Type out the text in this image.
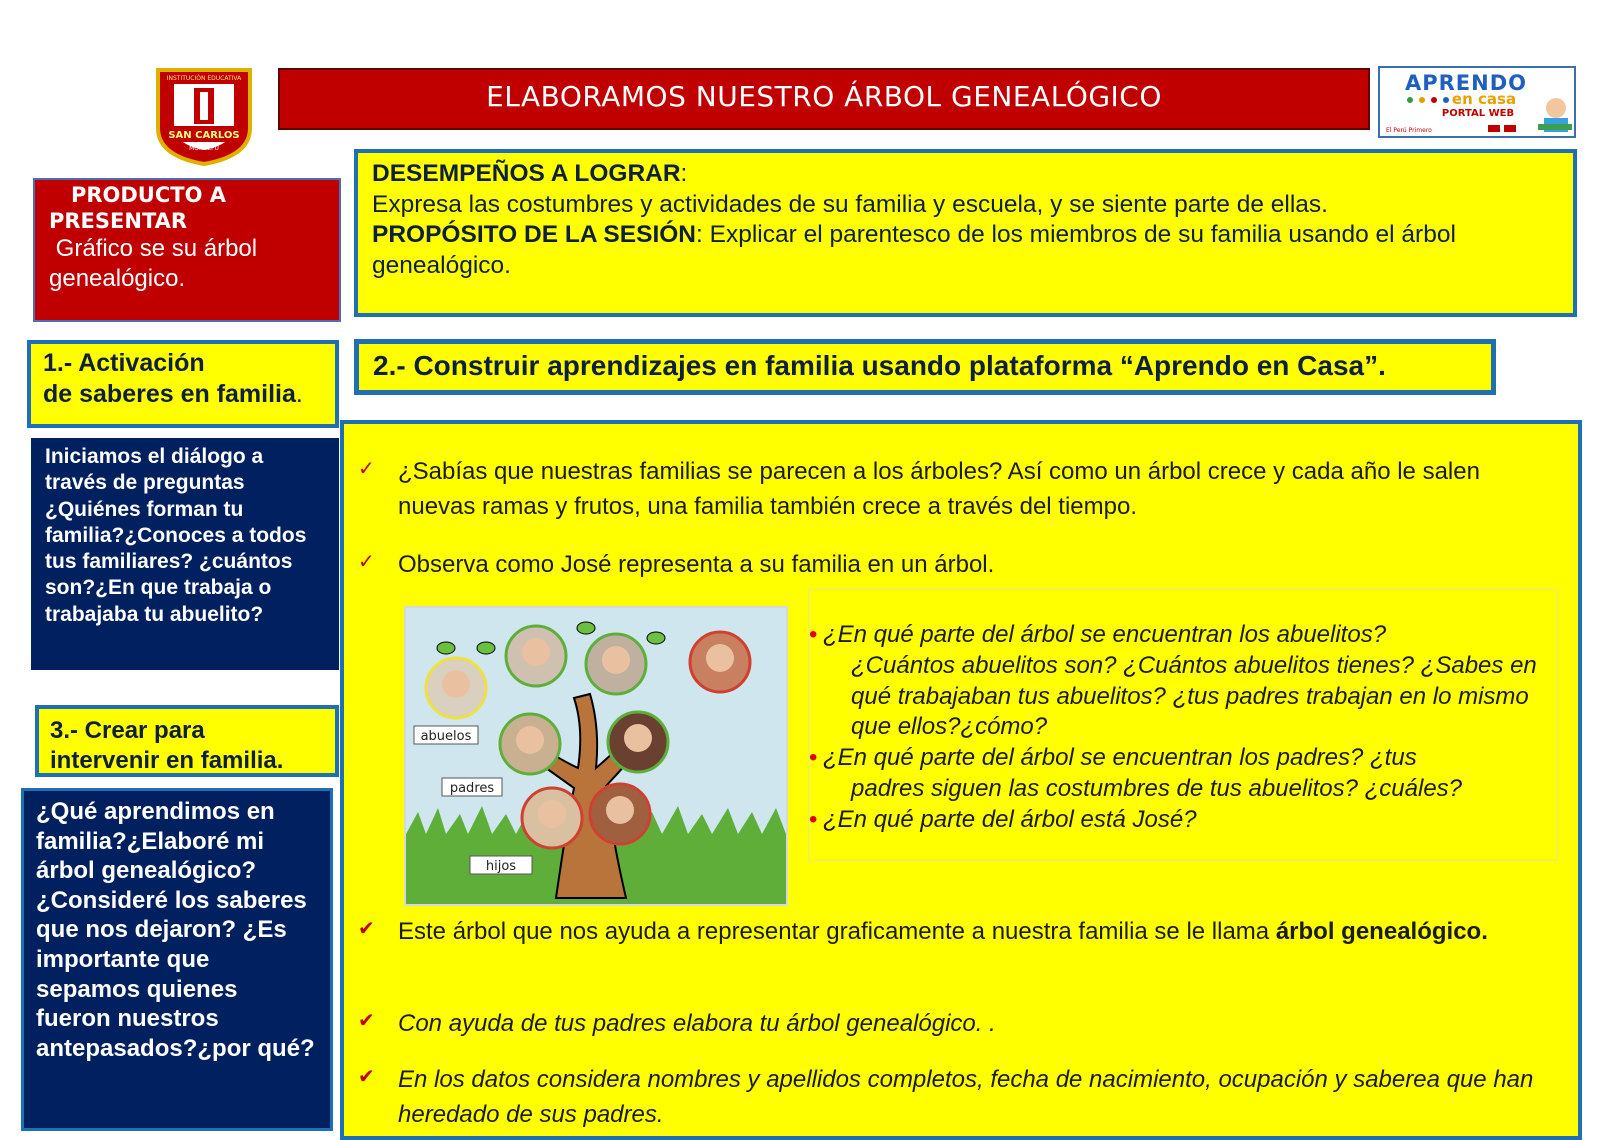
ELABORAMOS NUESTRO ÁRBOL GENEALÓGICO
INSTITUCIÓN EDUCATIVA
SAN CARLOS
MONSEFÚ
APRENDO
en casa
PORTAL WEB
El Perú Primero
PRODUCTO A PRESENTAR
Gráfico se su árbol genealógico.
DESEMPEÑOS A LOGRAR:
Expresa las costumbres y actividades de su familia y escuela, y se siente parte de ellas.
PROPÓSITO DE LA SESIÓN: Explicar el parentesco de los miembros de su familia usando el árbol genealógico.
1.- Activación
de saberes en familia.
2.- Construir aprendizajes en familia usando plataforma “Aprendo en Casa”.
Iniciamos el diálogo a través de preguntas ¿Quiénes forman tu familia?¿Conoces a todos tus familiares? ¿cuántos son?¿En que trabaja o trabajaba tu abuelito?
3.- Crear para
intervenir en familia.
¿Qué aprendimos en familia?¿Elaboré mi árbol genealógico? ¿Consideré los saberes que nos dejaron? ¿Es importante que sepamos quienes fueron nuestros antepasados?¿por qué?
✓ ¿Sabías que nuestras familias se parecen a los árboles? Así como un árbol crece y cada año le salen nuevas ramas y frutos, una familia también crece a través del tiempo.
✓ Observa como José representa a su familia en un árbol.
✔ Este árbol que nos ayuda a representar graficamente a nuestra familia se le llama árbol genealógico.
✔ Con ayuda de tus padres elabora tu árbol genealógico. .
✔ En los datos considera nombres y apellidos completos, fecha de nacimiento, ocupación y saberea que han heredado de sus padres.
abuelos
padres
hijos
• ¿En qué parte del árbol se encuentran los abuelitos?
¿Cuántos abuelitos son? ¿Cuántos abuelitos tienes? ¿Sabes en qué trabajaban tus abuelitos? ¿tus padres trabajan en lo mismo que ellos?¿cómo?
• ¿En qué parte del árbol se encuentran los padres? ¿tus
padres siguen las costumbres de tus abuelitos? ¿cuáles?
• ¿En qué parte del árbol está José?
